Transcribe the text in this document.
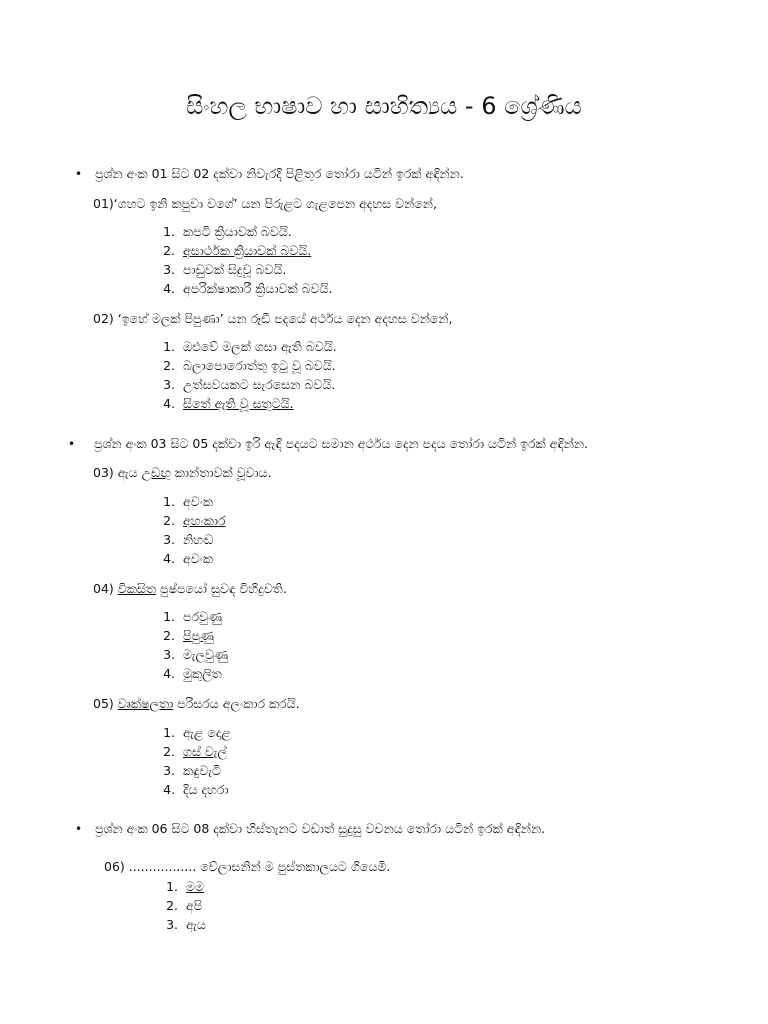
සිංහල භාෂාව හා සාහිත්‍යය - 6 ශ්‍රේණිය
• ප්‍රශ්න අංක 01 සිට 02 දක්වා නිවැරදි පිළිතුර තෝරා යටින් ඉරක් අඳින්න.
01)‘ගහට ඉනි කපුවා වගේ’ යන පිරුළට ගැළපෙන අදහස වන්නේ,
1. කපටි ක්‍රියාවක් බවයි.
2. අසාර්ථක ක්‍රියාවක් බවයි.
3. පාඩුවක් සිදුවූ බවයි.
4. අපරික්ෂාකාරී ක්‍රියාවක් බවයි.
02) ‘ඉහේ මලක් පිපුණා’ යන රූඩී පදයේ අර්ථය දෙන අදහස වන්නේ,
1. ඔළුවේ මලක් ගසා ඇති බවයි.
2. බලාපොරොත්තු ඉටු වූ බවයි.
3. උත්සවයකට සැරසෙන බවයි.
4. සිතේ ඇති වූ සතුටයි.
• ප්‍රශ්න අංක 03 සිට 05 දක්වා ඉරි ඇඳි පදයට සමාන අර්ථය දෙන පදය තෝරා යටින් ඉරක් අඳින්න.
03) ඇය උඩඟු කාන්තාවක් වූවාය.
1. අවංක
2. අහංකාර
3. නිහඬ
4. අවංක
04) විකසිත පුෂ්පයෝ සුවඳ විහිදුවති.
1. පරවුණු
2. පිපුණු
3. මැලවුණු
4. මුකුලිත
05) වෘක්ෂලතා පරිසරය අලංකාර කරයි.
1. ඇළ දොළ
2. ගස් වැල්
3. කඳුවැටි
4. දිය දහරා
• ප්‍රශ්න අංක 06 සිට 08 දක්වා හිස්තැනට වඩාත් සුදුසු වචනය තෝරා යටින් ඉරක් අඳින්න.
06) ................. වේලාසනින් ම පුස්තකාලයට ගියෙමි.
1. මම
2. අපි
3. ඇය
